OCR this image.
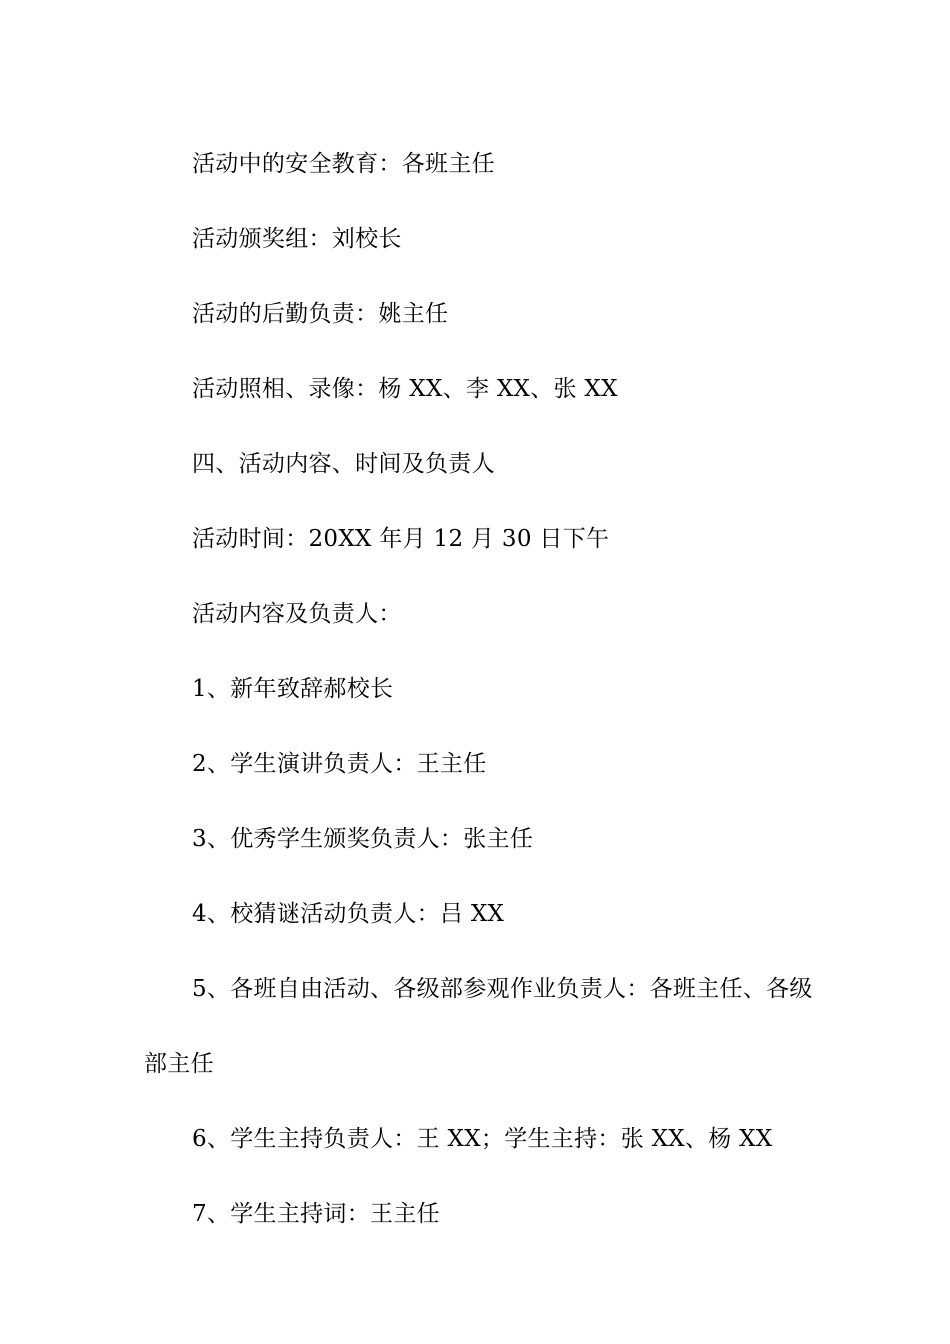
活动中的安全教育：各班主任

活动颁奖组：刘校长

活动的后勤负责：姚主任

活动照相、录像：杨 XX、李 XX、张 XX

四、活动内容、时间及负责人

活动时间：20XX 年月 12 月 30 日下午

活动内容及负责人：

1、新年致辞郝校长

2、学生演讲负责人：王主任

3、优秀学生颁奖负责人：张主任

4、校猜谜活动负责人：吕 XX

5、各班自由活动、各级部参观作业负责人：各班主任、各级部主任

6、学生主持负责人：王 XX；学生主持：张 XX、杨 XX

7、学生主持词：王主任
